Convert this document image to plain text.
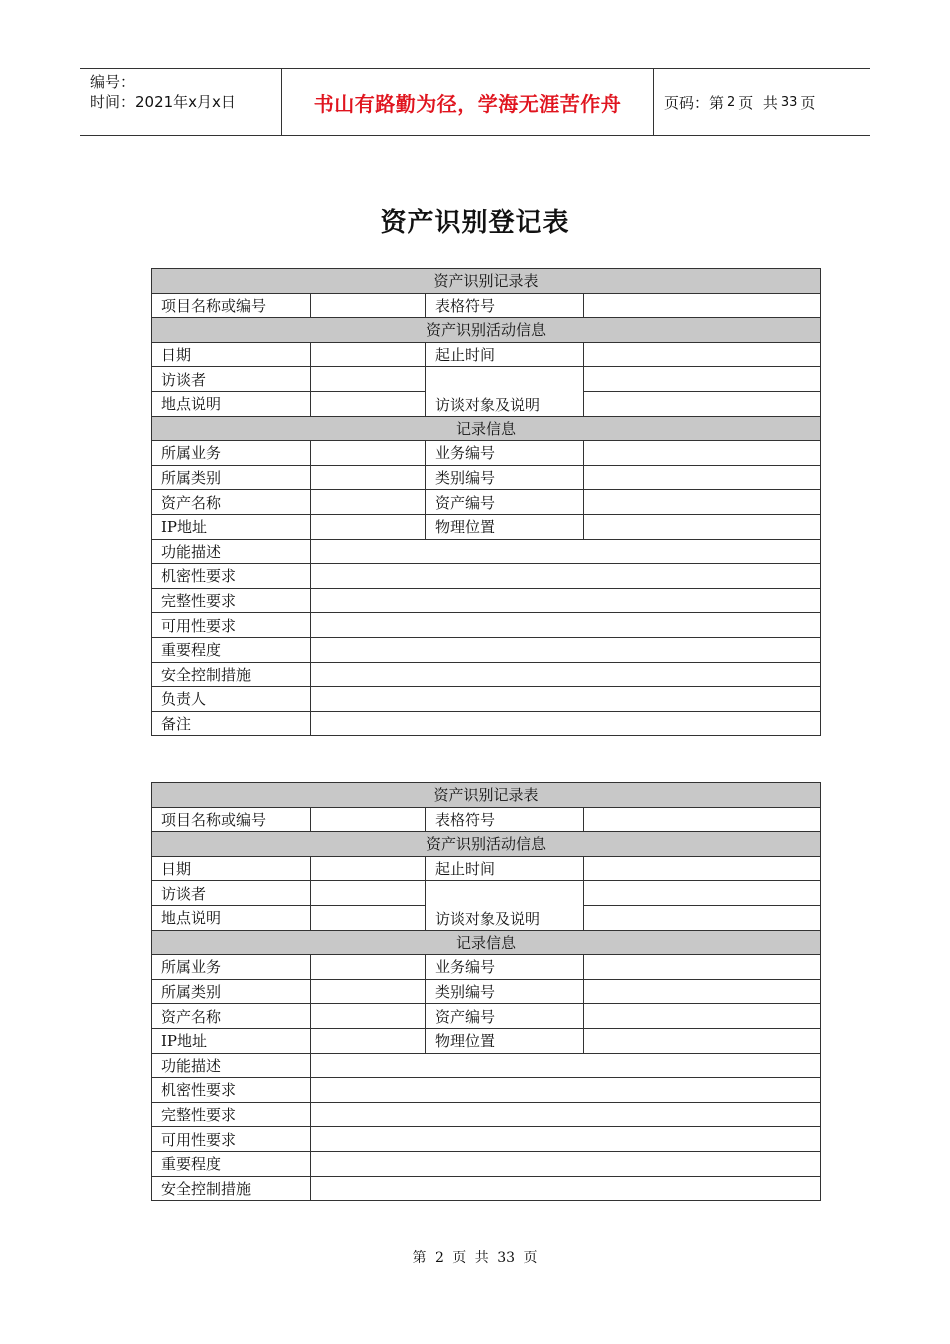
编号：
时间：2021年x月x日	书山有路勤为径，学海无涯苦作舟	页码：第 2 页  共 33 页
资产识别登记表
资产识别记录表			
项目名称或编号		表格符号	
资产识别活动信息			
日期		起止时间	
访谈者		访谈对象及说明	
地点说明			
记录信息			
所属业务		业务编号	
所属类别		类别编号	
资产名称		资产编号	
IP地址		物理位置	
功能描述			
机密性要求			
完整性要求			
可用性要求			
重要程度			
安全控制措施			
负责人			
备注			
资产识别记录表			
项目名称或编号		表格符号	
资产识别活动信息			
日期		起止时间	
访谈者		访谈对象及说明	
地点说明			
记录信息			
所属业务		业务编号	
所属类别		类别编号	
资产名称		资产编号	
IP地址		物理位置	
功能描述			
机密性要求			
完整性要求			
可用性要求			
重要程度			
安全控制措施			
第 2 页 共 33 页
